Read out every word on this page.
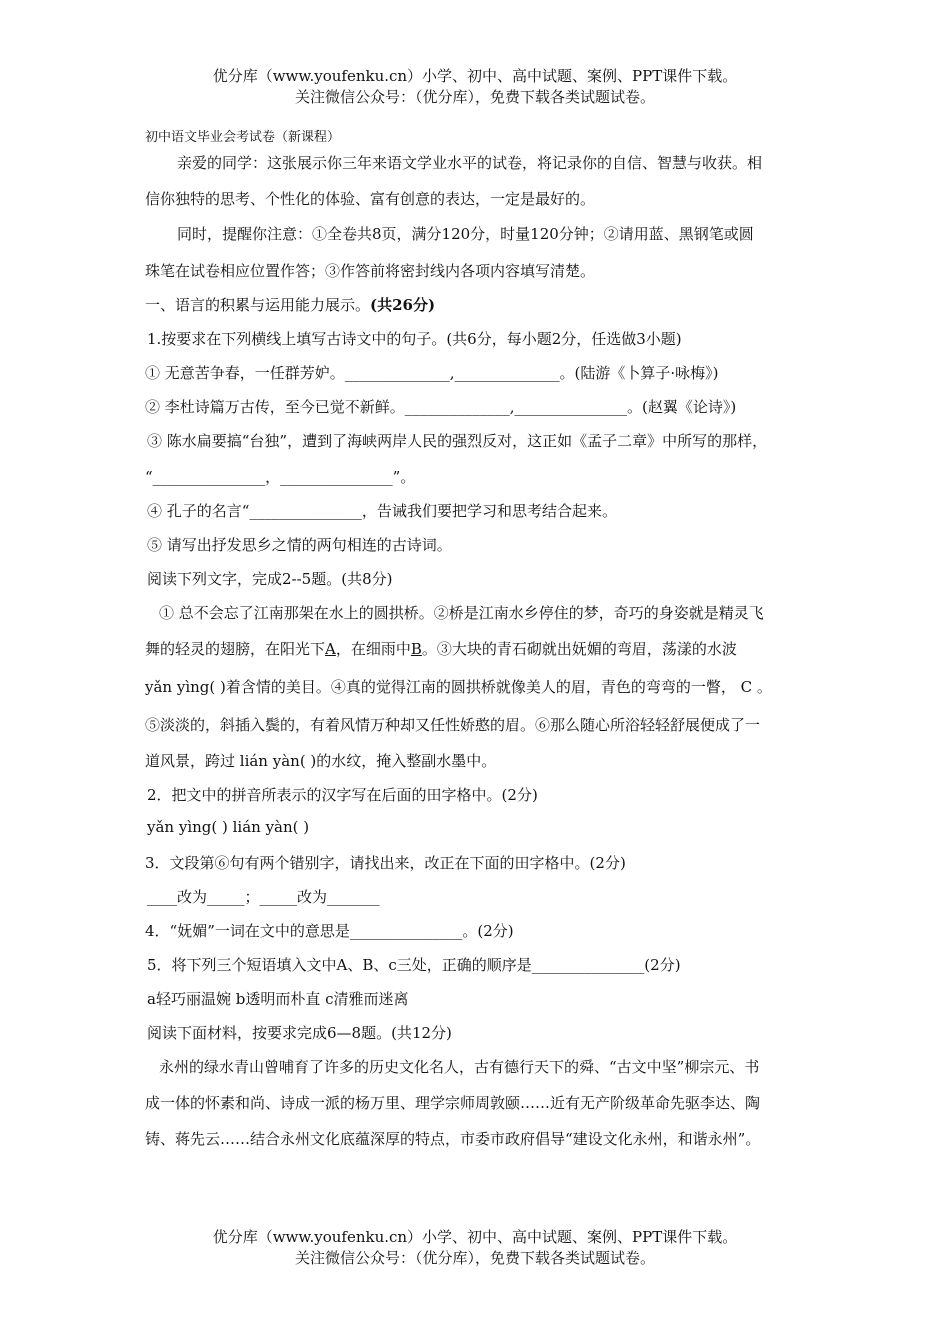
优分库（www.youfenku.cn）小学、初中、高中试题、案例、PPT课件下载。
关注微信公众号：（优分库），免费下载各类试题试卷。
初中语文毕业会考试卷（新课程）
亲爱的同学：这张展示你三年来语文学业水平的试卷，将记录你的自信、智慧与收获。相
信你独特的思考、个性化的体验、富有创意的表达，一定是最好的。
同时，提醒你注意：①全卷共8页，满分120分，时量120分钟；②请用蓝、黑钢笔或圆
珠笔在试卷相应位置作答；③作答前将密封线内各项内容填写清楚。
一、语言的积累与运用能力展示。(共26分)
1.按要求在下列横线上填写古诗文中的句子。(共6分，每小题2分，任选做3小题)
① 无意苦争春，一任群芳妒。______________,______________。(陆游《卜算子·咏梅》)
② 李杜诗篇万古传，至今已觉不新鲜。______________,_______________。(赵翼《论诗》)
③ 陈水扁要搞“台独”，遭到了海峡两岸人民的强烈反对，这正如《孟子二章》中所写的那样，
“_______________，_______________”。
④ 孔子的名言“_______________，告诫我们要把学习和思考结合起来。
⑤ 请写出抒发思乡之情的两句相连的古诗词。
阅读下列文字，完成2--5题。(共8分)
① 总不会忘了江南那架在水上的圆拱桥。②桥是江南水乡停住的梦，奇巧的身姿就是精灵飞
舞的轻灵的翅膀，在阳光下A，在细雨中B。③大块的青石砌就出妩媚的弯眉，荡漾的水波
yǎn yìng( )着含情的美目。④真的觉得江南的圆拱桥就像美人的眉，青色的弯弯的一瞥， C 。
⑤淡淡的，斜插入鬓的，有着风情万种却又任性娇憨的眉。⑥那么随心所浴轻轻舒展便成了一
道风景，跨过 lián yàn( )的水纹，掩入整副水墨中。
2．把文中的拼音所表示的汉字写在后面的田字格中。(2分)
yǎn yìng( ) lián yàn( )
3．文段第⑥句有两个错别字，请找出来，改正在下面的田字格中。(2分)
____改为_____；_____改为_______
4．“妩媚”一词在文中的意思是_______________。(2分)
5．将下列三个短语填入文中A、B、c三处，正确的顺序是_______________(2分)
a轻巧丽温婉 b透明而朴直 c清雅而迷离
阅读下面材料，按要求完成6—8题。(共12分)
永州的绿水青山曾哺育了许多的历史文化名人，古有德行天下的舜、“古文中坚”柳宗元、书
成一体的怀素和尚、诗成一派的杨万里、理学宗师周敦颐……近有无产阶级革命先驱李达、陶
铸、蒋先云……结合永州文化底蕴深厚的特点，市委市政府倡导“建设文化永州，和谐永州”。
优分库（www.youfenku.cn）小学、初中、高中试题、案例、PPT课件下载。
关注微信公众号：（优分库），免费下载各类试题试卷。
